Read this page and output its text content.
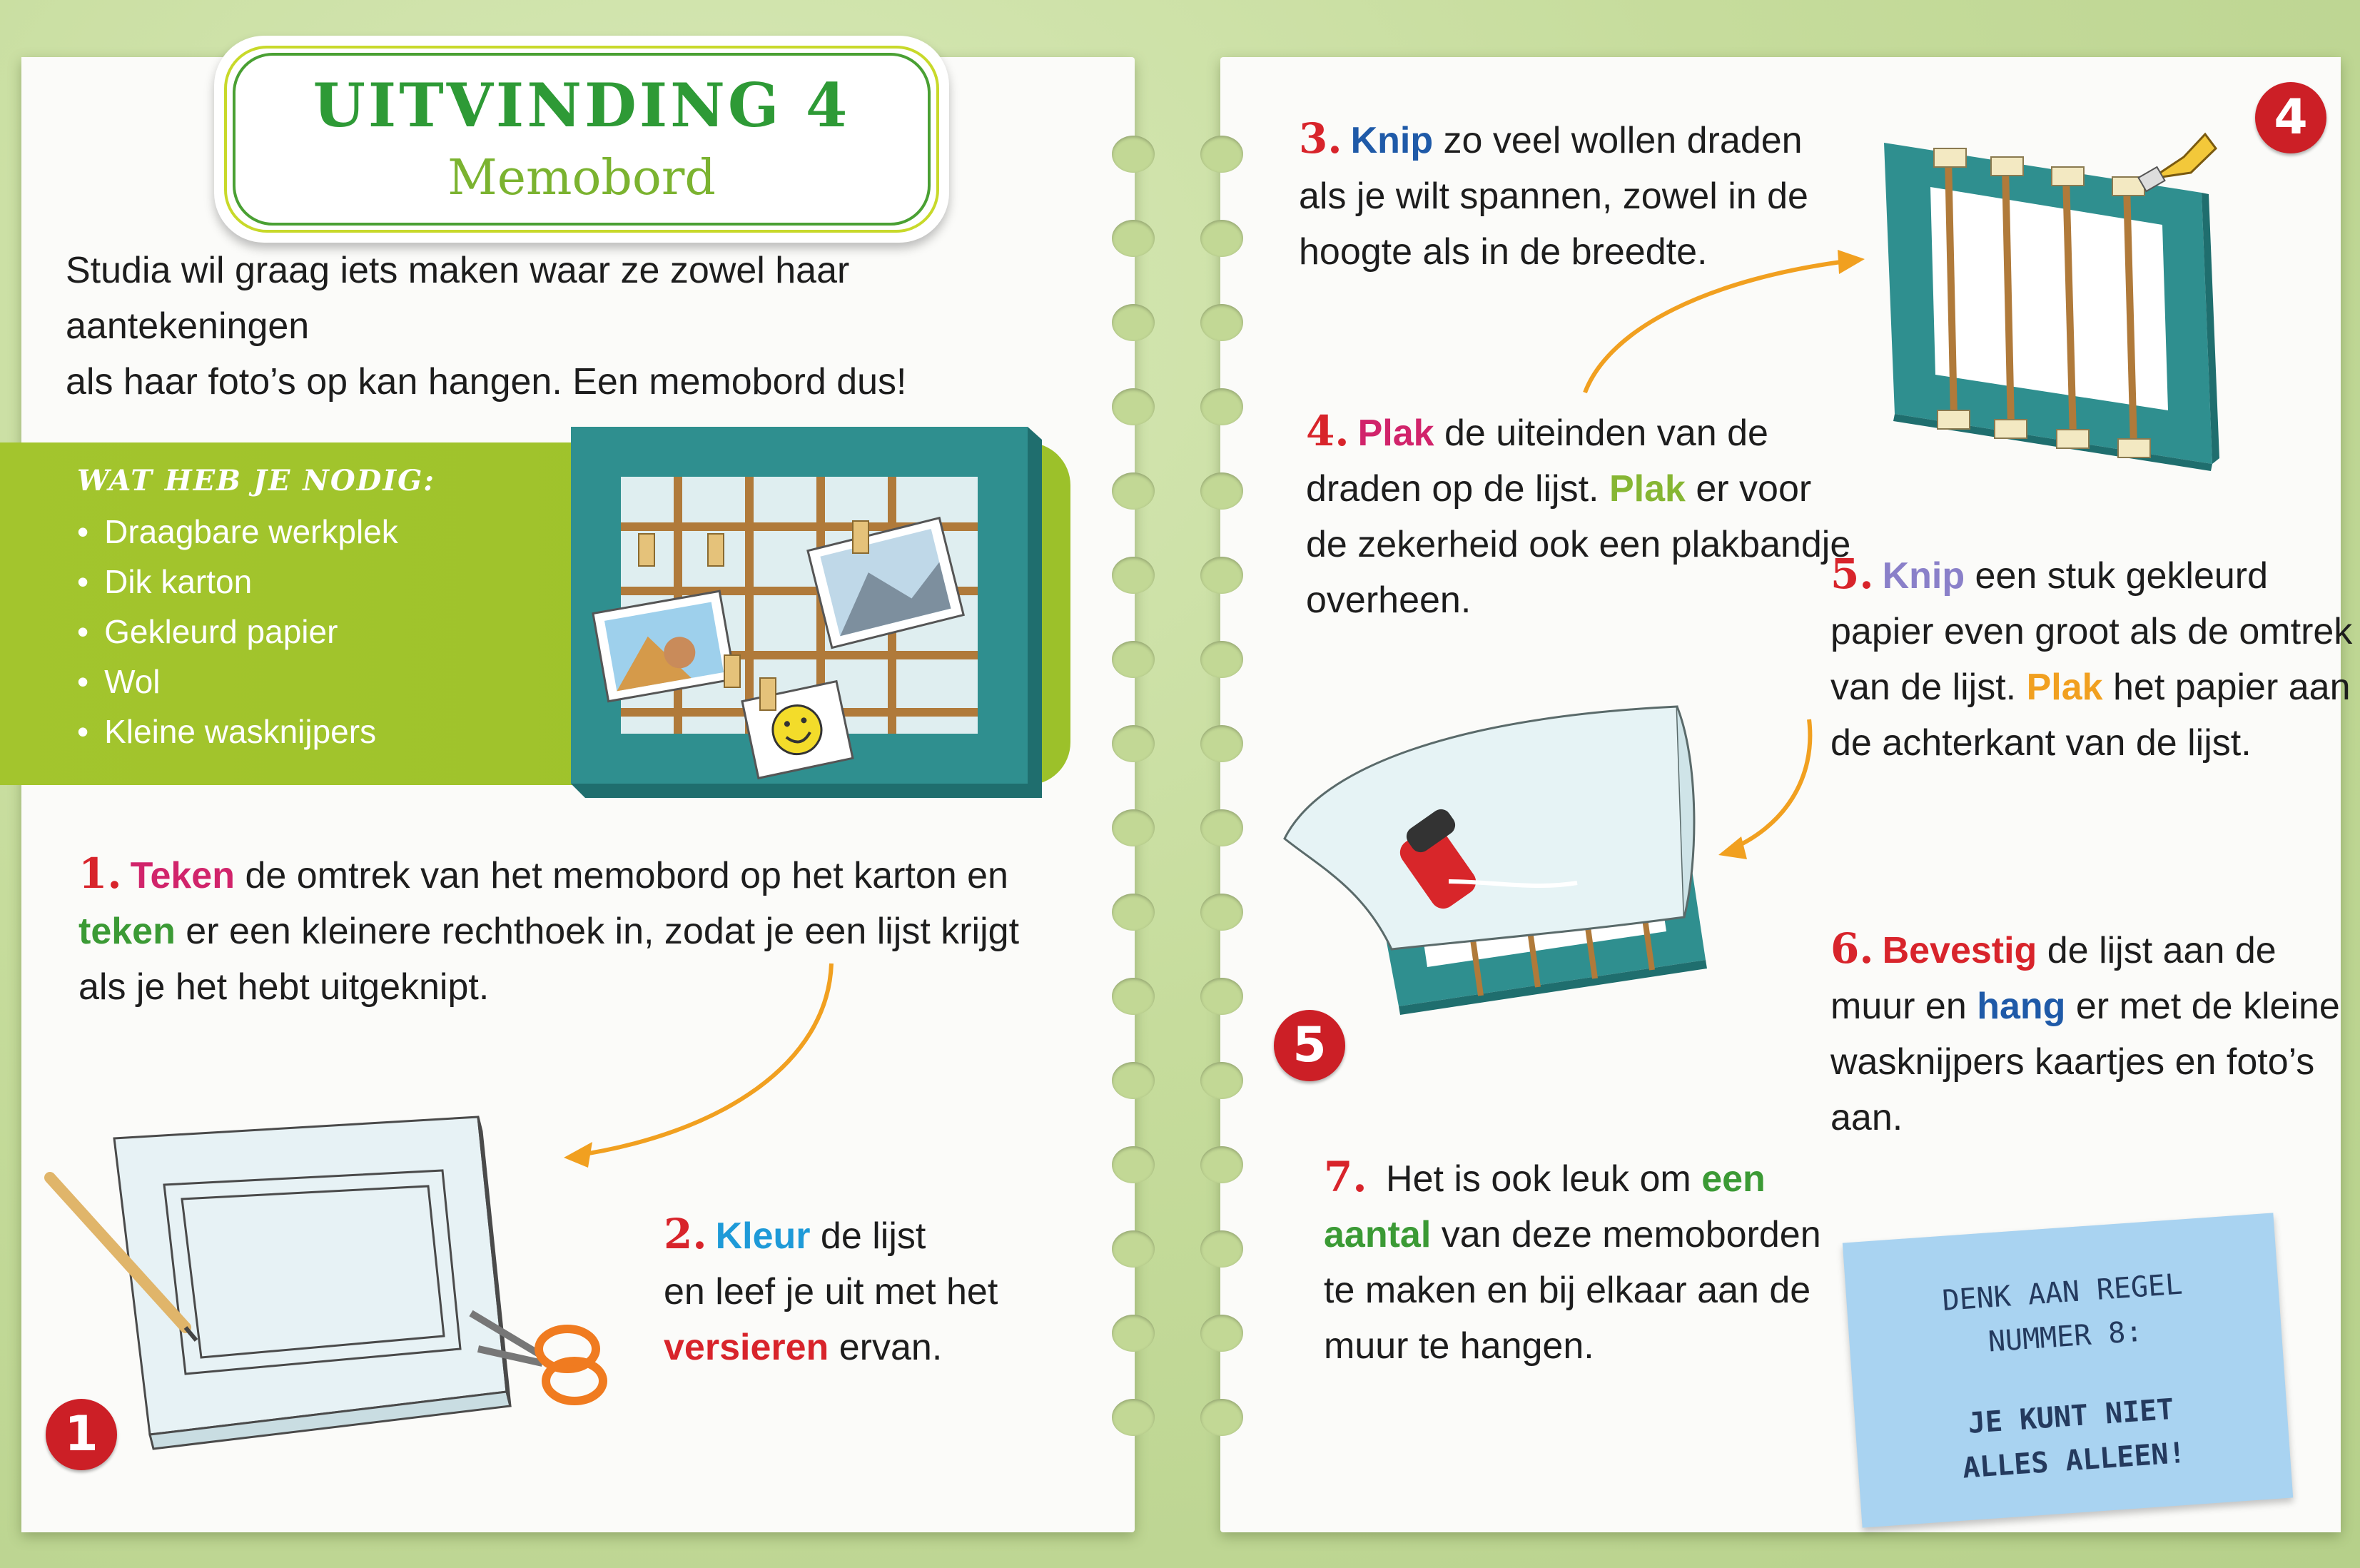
UITVINDING 4
Memobord
Studia wil graag iets maken waar ze zowel haar aantekeningen
als haar foto’s op kan hangen. Een memobord dus!
WAT HEB JE NODIG:
• Draagbare werkplek
• Dik karton
• Gekleurd papier
• Wol
• Kleine wasknijpers
1. Teken de omtrek van het memobord op het karton en
teken er een kleinere rechthoek in, zodat je een lijst krijgt
als je het hebt uitgeknipt.
1
2. Kleur de lijst
en leef je uit met het
versieren ervan.
3. Knip zo veel wollen draden
als je wilt spannen, zowel in de
hoogte als in de breedte.
4
4. Plak de uiteinden van de
draden op de lijst. Plak er voor
de zekerheid ook een plakbandje
overheen.
5. Knip een stuk gekleurd
papier even groot als de omtrek
van de lijst. Plak het papier aan
de achterkant van de lijst.
5
6. Bevestig de lijst aan de
muur en hang er met de kleine
wasknijpers kaartjes en foto’s
aan.
7. Het is ook leuk om een
aantal van deze memoborden
te maken en bij elkaar aan de
muur te hangen.
DENK AAN REGEL
NUMMER 8:
JE KUNT NIET
ALLES ALLEEN!
